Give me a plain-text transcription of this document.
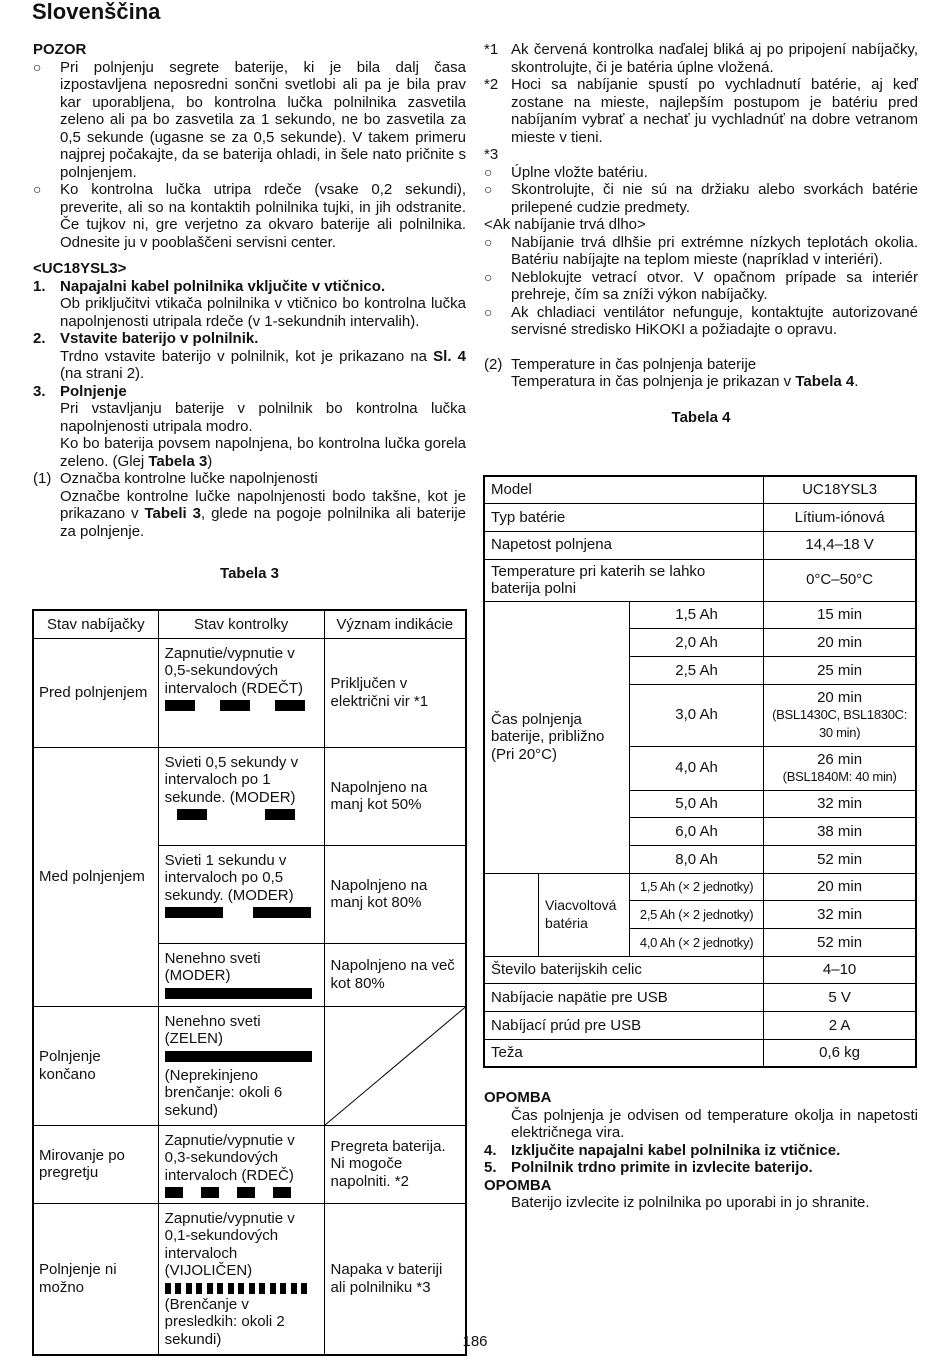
Slovenščina
POZOR
○	Pri polnjenju segrete baterije, ki je bila dalj časa izpostavljena neposredni sončni svetlobi ali pa je bila prav kar uporabljena, bo kontrolna lučka polnilnika zasvetila zeleno ali pa bo zasvetila za 1 sekundo, ne bo zasvetila za 0,5 sekunde (ugasne se za 0,5 sekunde). V takem primeru najprej počakajte, da se baterija ohladi, in šele nato pričnite s polnjenjem.
○	Ko kontrolna lučka utripa rdeče (vsake 0,2 sekundi), preverite, ali so na kontaktih polnilnika tujki, in jih odstranite. Če tujkov ni, gre verjetno za okvaro baterije ali polnilnika. Odnesite ju v pooblaščeni servisni center.
<UC18YSL3>
1. Napajalni kabel polnilnika vključite v vtičnico.
Ob priključitvi vtikača polnilnika v vtičnico bo kontrolna lučka napolnjenosti utripala rdeče (v 1-sekundnih intervalih).
2. Vstavite baterijo v polnilnik.
Trdno vstavite baterijo v polnilnik, kot je prikazano na Sl. 4 (na strani 2).
3. Polnjenje
Pri vstavljanju baterije v polnilnik bo kontrolna lučka napolnjenosti utripala modro.
Ko bo baterija povsem napolnjena, bo kontrolna lučka gorela zeleno. (Glej Tabela 3)
(1) Označba kontrolne lučke napolnjenosti
Označbe kontrolne lučke napolnjenosti bodo takšne, kot je prikazano v Tabeli 3, glede na pogoje polnilnika ali baterije za polnjenje.
Tabela 3
Stav nabíjačky	Stav kontrolky	Význam indikácie
Pred polnjenjem	Zapnutie/vypnutie v 0,5-sekundových intervaloch (RDEČT)	Priključen v električni vir *1
Med polnjenjem	Svieti 0,5 sekundy v intervaloch po 1 sekunde. (MODER)	Napolnjeno na manj kot 50%

	Svieti 1 sekundu v intervaloch po 0,5 sekundy. (MODER)	Napolnjeno na manj kot 80%

	Nenehno sveti (MODER)	Napolnjeno na več kot 80%
Polnjenje končano	Nenehno sveti (ZELEN)
(Neprekinjeno brenčanje: okoli 6 sekund)

Mirovanje po pregretju	Zapnutie/vypnutie v 0,3-sekundových intervaloch (RDEČ)	Pregreta baterija. Ni mogoče napolniti. *2
Polnjenje ni možno	Zapnutie/vypnutie v 0,1-sekundových intervaloch (VIJOLIČEN)
(Brenčanje v presledkih: okoli 2 sekundi)	Napaka v bateriji ali polnilniku *3
*1 Ak červená kontrolka naďalej bliká aj po pripojení nabíjačky, skontrolujte, či je batéria úplne vložená.
*2 Hoci sa nabíjanie spustí po vychladnutí batérie, aj keď zostane na mieste, najlepším postupom je batériu pred nabíjaním vybrať a nechať ju vychladnúť na dobre vetranom mieste v tieni.
*3
○	Úplne vložte batériu.
○	Skontrolujte, či nie sú na držiaku alebo svorkách batérie prilepené cudzie predmety.
<Ak nabíjanie trvá dlho>
○	Nabíjanie trvá dlhšie pri extrémne nízkych teplotách okolia. Batériu nabíjajte na teplom mieste (napríklad v interiéri).
○	Neblokujte vetrací otvor. V opačnom prípade sa interiér prehreje, čím sa zníži výkon nabíjačky.
○	Ak chladiaci ventilátor nefunguje, kontaktujte autorizované servisné stredisko HiKOKI a požiadajte o opravu.
(2) Temperature in čas polnjenja baterije
Temperatura in čas polnjenja je prikazan v Tabela 4.
Tabela 4
Model			UC18YSL3
Typ batérie			Lítium-iónová
Napetost polnjena			14,4–18 V
Temperature pri katerih se lahko baterija polni			0°C–50°C
Čas polnjenja baterije, približno (Pri 20°C)		1,5 Ah	15 min
		2,0 Ah	20 min
		2,5 Ah	25 min
		3,0 Ah	20 min
(BSL1430C, BSL1830C: 30 min)

		4,0 Ah	26 min
(BSL1840M: 40 min)

		5,0 Ah	32 min
		6,0 Ah	38 min
		8,0 Ah	52 min
	Viacvoltová batéria	1,5 Ah (× 2 jednotky)	20 min
		2,5 Ah (× 2 jednotky)	32 min
		4,0 Ah (× 2 jednotky)	52 min
Število baterijskih celic			4–10
Nabíjacie napätie pre USB			5 V
Nabíjací prúd pre USB			2 A
Teža			0,6 kg
OPOMBA
Čas polnjenja je odvisen od temperature okolja in napetosti električnega vira.
4. Izključite napajalni kabel polnilnika iz vtičnice.
5. Polnilnik trdno primite in izvlecite baterijo.
OPOMBA
Baterijo izvlecite iz polnilnika po uporabi in jo shranite.
186
